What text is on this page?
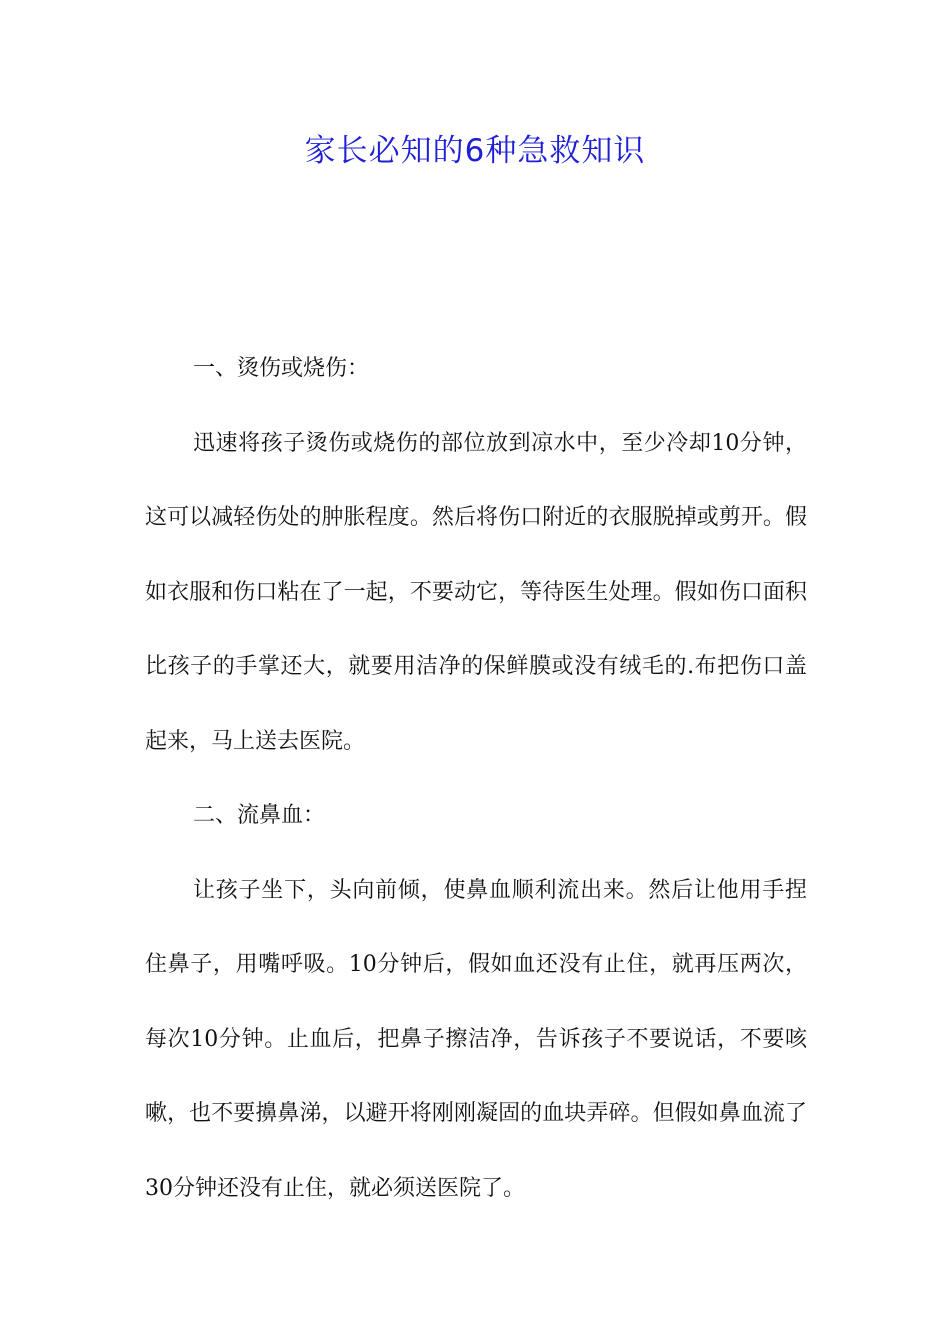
家长必知的6种急救知识

一、烫伤或烧伤：

迅速将孩子烫伤或烧伤的部位放到凉水中，至少冷却10分钟，这可以减轻伤处的肿胀程度。然后将伤口附近的衣服脱掉或剪开。假如衣服和伤口粘在了一起，不要动它，等待医生处理。假如伤口面积比孩子的手掌还大，就要用洁净的保鲜膜或没有绒毛的.布把伤口盖起来，马上送去医院。

二、流鼻血：

让孩子坐下，头向前倾，使鼻血顺利流出来。然后让他用手捏住鼻子，用嘴呼吸。10分钟后，假如血还没有止住，就再压两次，每次10分钟。止血后，把鼻子擦洁净，告诉孩子不要说话，不要咳嗽，也不要擤鼻涕，以避开将刚刚凝固的血块弄碎。但假如鼻血流了30分钟还没有止住，就必须送医院了。
